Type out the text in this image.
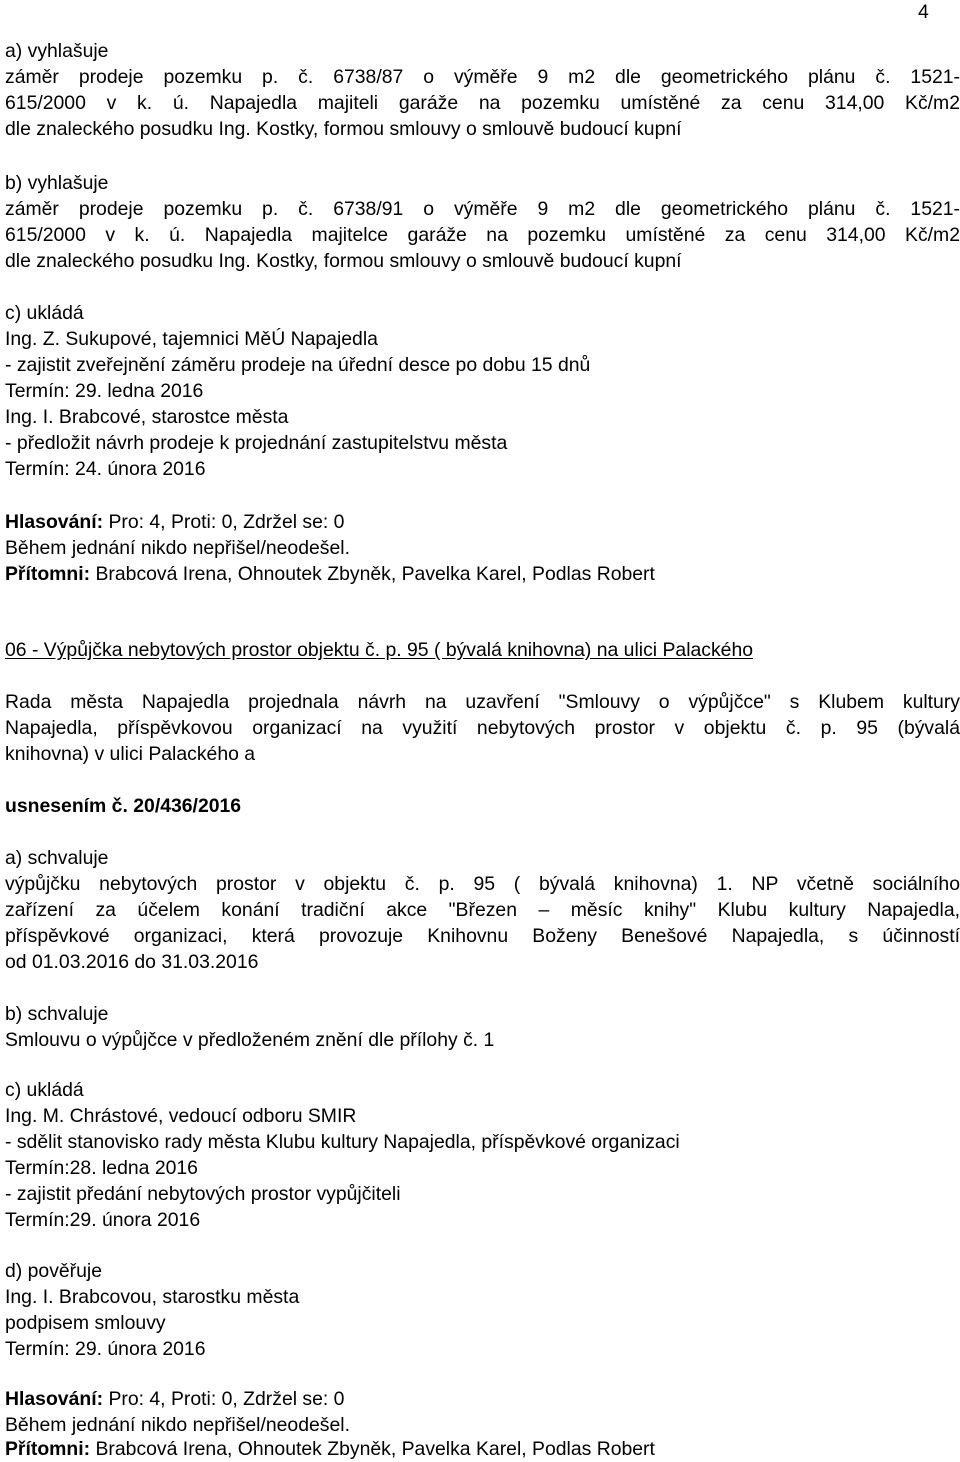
4
a) vyhlašuje
záměr prodeje pozemku p. č. 6738/87 o výměře 9 m2 dle geometrického plánu č. 1521-
615/2000 v k. ú. Napajedla majiteli garáže na pozemku umístěné za cenu 314,00 Kč/m2
dle znaleckého posudku Ing. Kostky, formou smlouvy o smlouvě budoucí kupní
b) vyhlašuje
záměr prodeje pozemku p. č. 6738/91 o výměře 9 m2 dle geometrického plánu č. 1521-
615/2000 v k. ú. Napajedla majitelce garáže na pozemku umístěné za cenu 314,00 Kč/m2
dle znaleckého posudku Ing. Kostky, formou smlouvy o smlouvě budoucí kupní
c) ukládá
Ing. Z. Sukupové, tajemnici MěÚ Napajedla
- zajistit zveřejnění záměru prodeje na úřední desce po dobu 15 dnů
Termín: 29. ledna 2016
Ing. I. Brabcové, starostce města
- předložit návrh prodeje k projednání zastupitelstvu města
Termín: 24. února 2016
Hlasování: Pro: 4, Proti: 0, Zdržel se: 0
Během jednání nikdo nepřišel/neodešel.
Přítomni: Brabcová Irena, Ohnoutek Zbyněk, Pavelka Karel, Podlas Robert
06 - Výpůjčka nebytových prostor objektu č. p. 95 ( bývalá knihovna) na ulici Palackého
Rada města Napajedla projednala návrh na uzavření "Smlouvy o výpůjčce" s Klubem kultury
Napajedla, příspěvkovou organizací na využití nebytových prostor v objektu č. p. 95 (bývalá
knihovna) v ulici Palackého a
usnesením č. 20/436/2016
a) schvaluje
výpůjčku nebytových prostor v objektu č. p. 95 ( bývalá knihovna) 1. NP včetně sociálního
zařízení za účelem konání tradiční akce "Březen – měsíc knihy" Klubu kultury Napajedla,
příspěvkové organizaci, která provozuje Knihovnu Boženy Benešové Napajedla, s účinností
od 01.03.2016 do 31.03.2016
b) schvaluje
Smlouvu o výpůjčce v předloženém znění dle přílohy č. 1
c) ukládá
Ing. M. Chrástové, vedoucí odboru SMIR
- sdělit stanovisko rady města Klubu kultury Napajedla, příspěvkové organizaci
Termín:28. ledna 2016
- zajistit předání nebytových prostor vypůjčiteli
Termín:29. února 2016
d) pověřuje
Ing. I. Brabcovou, starostku města
podpisem smlouvy
Termín: 29. února 2016
Hlasování: Pro: 4, Proti: 0, Zdržel se: 0
Během jednání nikdo nepřišel/neodešel.
Přítomni: Brabcová Irena, Ohnoutek Zbyněk, Pavelka Karel, Podlas Robert
